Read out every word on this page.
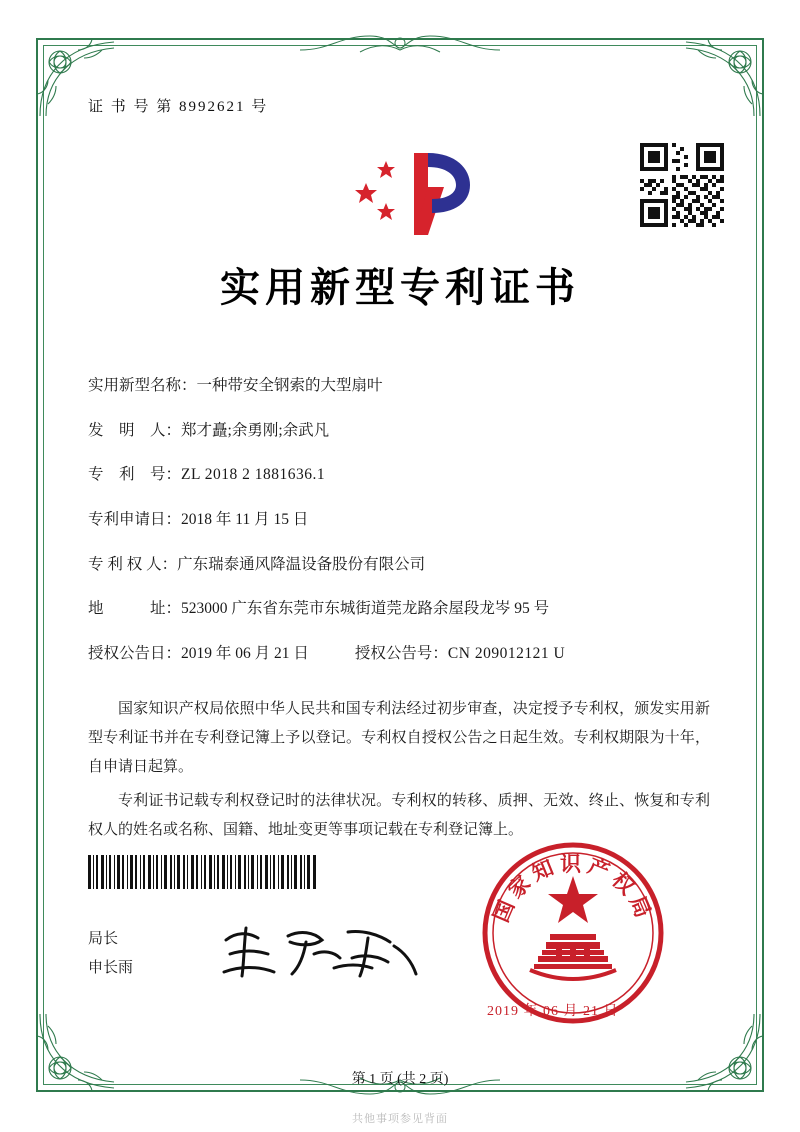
证 书 号 第 8992621 号
实用新型专利证书
实用新型名称： 一种带安全钢索的大型扇叶
发　明　人： 郑才矗;余勇刚;余武凡
专　利　号： ZL 2018 2 1881636.1
专利申请日： 2018 年 11 月 15 日
专 利 权 人： 广东瑞泰通风降温设备股份有限公司
地　　　址： 523000 广东省东莞市东城街道莞龙路余屋段龙岑 95 号
授权公告日： 2019 年 06 月 21 日	授权公告号： CN 209012121 U

国家知识产权局依照中华人民共和国专利法经过初步审查，决定授予专利权，颁发实用新型专利证书并在专利登记簿上予以登记。专利权自授权公告之日起生效。专利权期限为十年，自申请日起算。

专利证书记载专利权登记时的法律状况。专利权的转移、质押、无效、终止、恢复和专利权人的姓名或名称、国籍、地址变更等事项记载在专利登记簿上。

国家知识产权局
2019 年 06 月 21 日
局长
申长雨
第 1 页 (共 2 页)
共他事项参见背面
